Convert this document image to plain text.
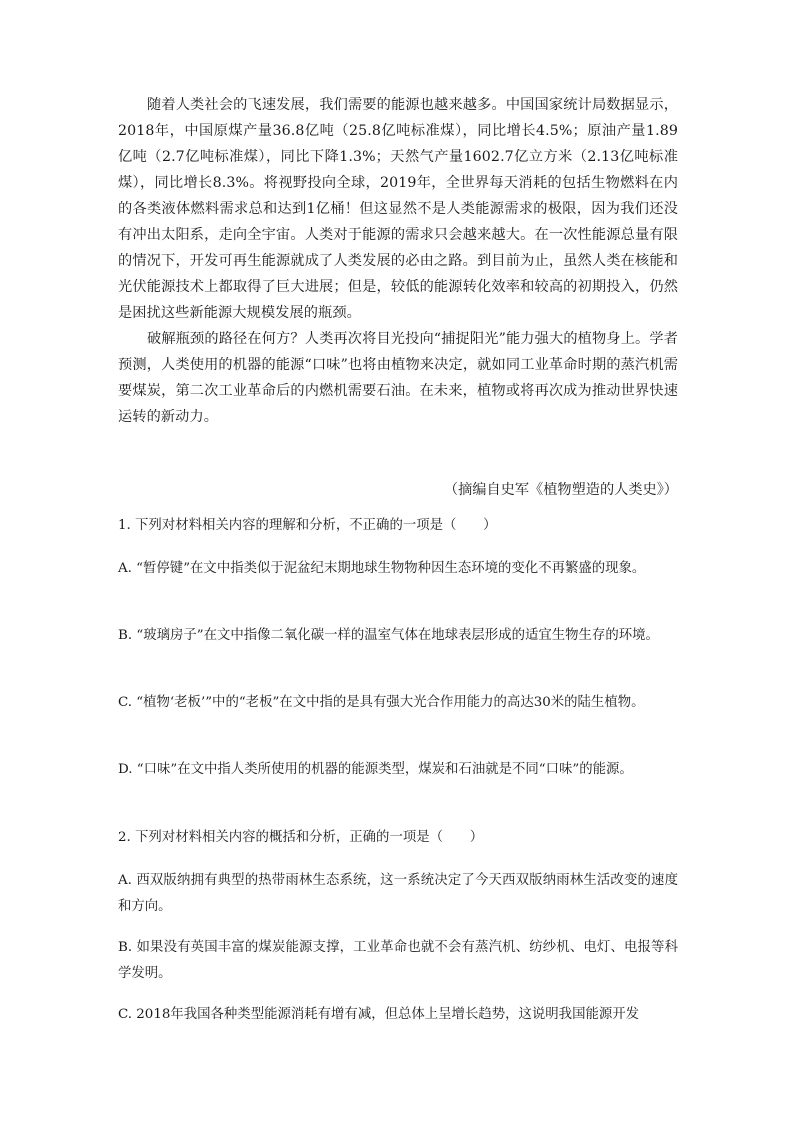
随着人类社会的飞速发展，我们需要的能源也越来越多。中国国家统计局数据显示，2018年，中国原煤产量36.8亿吨（25.8亿吨标准煤），同比增长4.5%；原油产量1.89亿吨（2.7亿吨标准煤），同比下降1.3%；天然气产量1602.7亿立方米（2.13亿吨标准煤），同比增长8.3%。将视野投向全球，2019年，全世界每天消耗的包括生物燃料在内的各类液体燃料需求总和达到1亿桶！但这显然不是人类能源需求的极限，因为我们还没有冲出太阳系，走向全宇宙。人类对于能源的需求只会越来越大。在一次性能源总量有限的情况下，开发可再生能源就成了人类发展的必由之路。到目前为止，虽然人类在核能和光伏能源技术上都取得了巨大进展；但是，较低的能源转化效率和较高的初期投入，仍然是困扰这些新能源大规模发展的瓶颈。

破解瓶颈的路径在何方？人类再次将目光投向“捕捉阳光”能力强大的植物身上。学者预测，人类使用的机器的能源“口味”也将由植物来决定，就如同工业革命时期的蒸汽机需要煤炭，第二次工业革命后的内燃机需要石油。在未来，植物或将再次成为推动世界快速运转的新动力。

（摘编自史军《植物塑造的人类史》）
1. 下列对材料相关内容的理解和分析，不正确的一项是（　　）
A. “暂停键”在文中指类似于泥盆纪末期地球生物物种因生态环境的变化不再繁盛的现象。
B. “玻璃房子”在文中指像二氧化碳一样的温室气体在地球表层形成的适宜生物生存的环境。
C. “植物‘老板’”中的“老板”在文中指的是具有强大光合作用能力的高达30米的陆生植物。
D. “口味”在文中指人类所使用的机器的能源类型，煤炭和石油就是不同“口味”的能源。
2. 下列对材料相关内容的概括和分析，正确的一项是（　　）
A. 西双版纳拥有典型的热带雨林生态系统，这一系统决定了今天西双版纳雨林生活改变的速度和方向。
B. 如果没有英国丰富的煤炭能源支撑，工业革命也就不会有蒸汽机、纺纱机、电灯、电报等科学发明。
C. 2018年我国各种类型能源消耗有增有减，但总体上呈增长趋势，这说明我国能源开发
